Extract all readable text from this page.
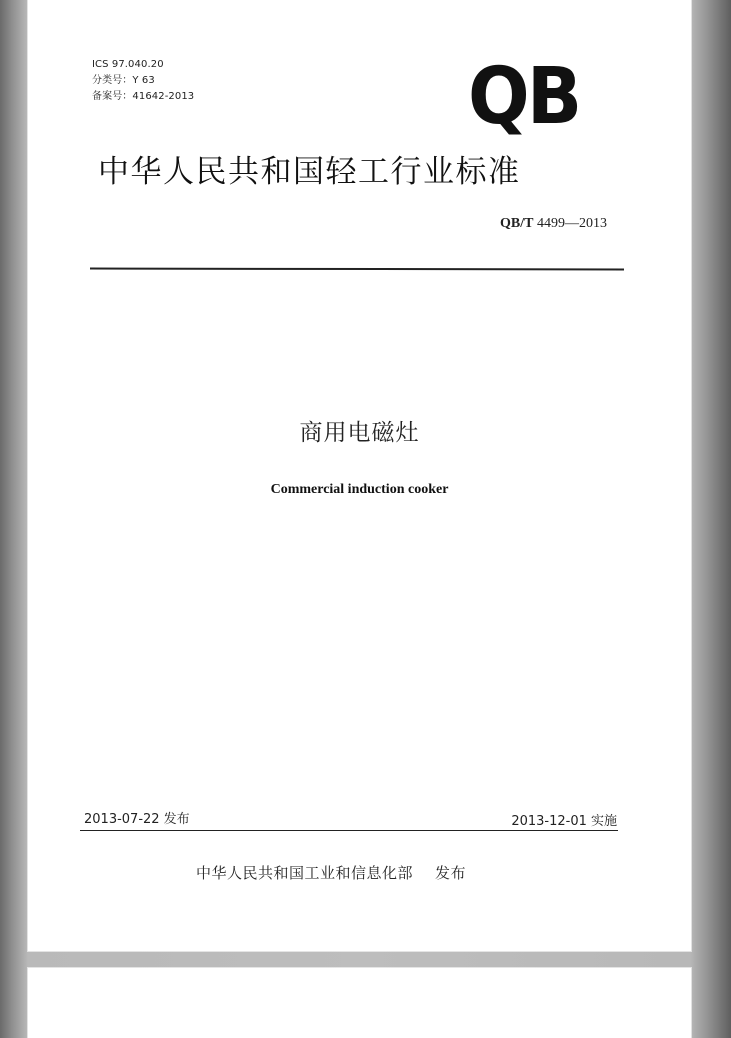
ICS 97.040.20
分类号：Y 63
备案号：41642-2013	QB
中华人民共和国轻工行业标准
QB/T 4499—2013
商用电磁灶
Commercial induction cooker
2013-07-22 发布	2013-12-01 实施
中华人民共和国工业和信息化部 发布
